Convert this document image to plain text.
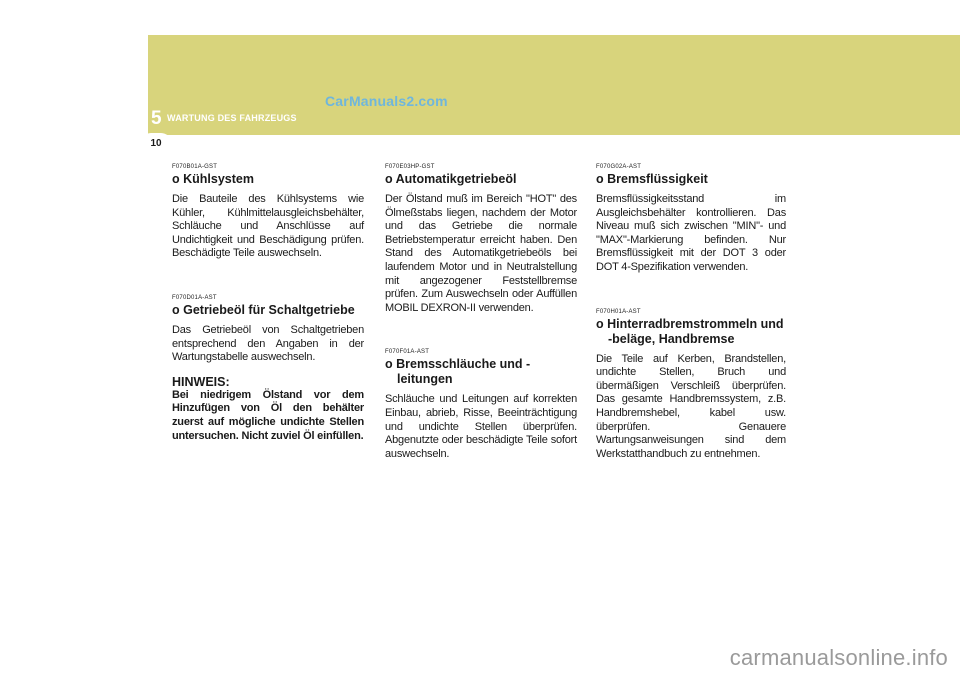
5 WARTUNG DES FAHRZEUGS
CarManuals2.com
10

F070B01A-GST

o Kühlsystem

Die Bauteile des Kühlsystems wie Kühler, Kühlmittelausgleichsbehälter, Schläuche und Anschlüsse auf Undichtigkeit und Beschädigung prüfen. Beschädigte Teile auswechseln.

F070D01A-AST

o Getriebeöl für Schaltgetriebe

Das Getriebeöl von Schaltgetrieben entsprechend den Angaben in der Wartungstabelle auswechseln.

HINWEIS:

Bei niedrigem Ölstand vor dem Hinzufügen von Öl den behälter zuerst auf mögliche undichte Stellen untersuchen. Nicht zuviel Öl einfüllen.

F070E03HP-GST

o Automatikgetriebeöl

Der Ölstand muß im Bereich "HOT" des Ölmeßstabs liegen, nachdem der Motor und das Getriebe die normale Betriebstemperatur erreicht haben. Den Stand des Automatikgetriebeöls bei laufendem Motor und in Neutralstellung mit angezogener Feststellbremse prüfen. Zum Auswechseln oder Auffüllen MOBIL DEXRON-II verwenden.

F070F01A-AST

o Bremsschläuche und - leitungen

Schläuche und Leitungen auf korrekten Einbau, abrieb, Risse, Beeinträchtigung und undichte Stellen überprüfen. Abgenutzte oder beschädigte Teile sofort auswechseln.

F070G02A-AST

o Bremsflüssigkeit

Bremsflüssigkeitsstand im Ausgleichsbehälter kontrollieren. Das Niveau muß sich zwischen "MIN"- und "MAX"-Markierung befinden. Nur Bremsflüssigkeit mit der DOT 3 oder DOT 4-Spezifikation verwenden.

F070H01A-AST

o Hinterradbremstrommeln und -beläge, Handbremse

Die Teile auf Kerben, Brandstellen, undichte Stellen, Bruch und übermäßigen Verschleiß überprüfen. Das gesamte Handbremssystem, z.B. Handbremshebel, kabel usw. überprüfen. Genauere Wartungsanweisungen sind dem Werkstatthandbuch zu entnehmen.

carmanualsonline.info
